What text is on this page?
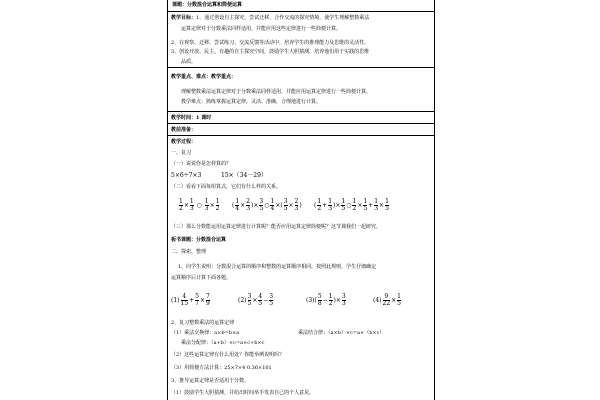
课题：分数混合运算和简便运算
教学目标：1、通过创设自主探究，尝试迁移、合作交流的探究情境，使学生理解整数乘法
运算定律对于分数乘法同样适用，并能应用这些定律进行一些简便计算。
2、在观察、迁移、尝试练习、交流反馈等活动中，培养学生的推理能力及思维的灵活性。
3、创设开放、民主、有趣的自主探究空间，鼓励学生大胆猜测，培养他们用于实践的思维
品质。
教学重点、难点：教学重点：
理解整数乘法运算定律对于分数乘法同样适用，并能应用运算定律进行一些简便计算。
教学难点：熟练掌握运算定律，灵活、准确、合理地进行计算。
教学时间：1 课时
教前准备：
教学过程：
一、复习
（一）说说你是怎样算的？
5×6÷7×3	15×（34－29）
（二）看看下面每组算式，它们有什么样的关系。
$\frac{1}{2} \times \frac{1}{3}$ ○ $\frac{1}{3} \times \frac{1}{2}$ ( $\frac{1}{4} \times \frac{2}{3}$ )× $\frac{3}{5}$ ○ $\frac{1}{4}$ ×( $\frac{3}{5} \times \frac{2}{3}$ ) ( $\frac{1}{2} + \frac{1}{3}$ )× $\frac{1}{5}$ ○ $\frac{1}{2} \times \frac{1}{5} + \frac{1}{3} \times \frac{1}{5}$
（三）那么分数能运用运算定律进行计算呢？能否应用运算定律简便呢？这节课我们一起研究。
板书课题：分数混合运算
二、探索、整理
1、向学生说明：分数混合运算的顺序和整数的运算顺序相同，按照此规则，学生仔细确定
运算顺序后计算下面各题。
$(1) \frac{4}{15} + \frac{5}{7} \times \frac{7}{9}$	$(2) \frac{3}{5} \times \frac{4}{5} - \frac{3}{5}$	$(3)( \frac{5}{8} - \frac{1}{2}$ )× $\frac{3}{3}$	$(4) \frac{9}{22} \times \frac{1}{5}$
2、复习整数乘法的运算定律
（1）乘法交换律：a×b=b×a	乘法结合律：（a×b）×c=a×（b×c）
乘法分配律：（a+b）×c=a×c+b×c
（2）这些运算定律有什么用处？你能举例说明吗？
（3）用简便方法计算：25×7×4 0.36×101
3、推导运算定律是否适用于分数。
（1）鼓励学生大胆猜测，并给出时间举手发表自己的个人意见。
